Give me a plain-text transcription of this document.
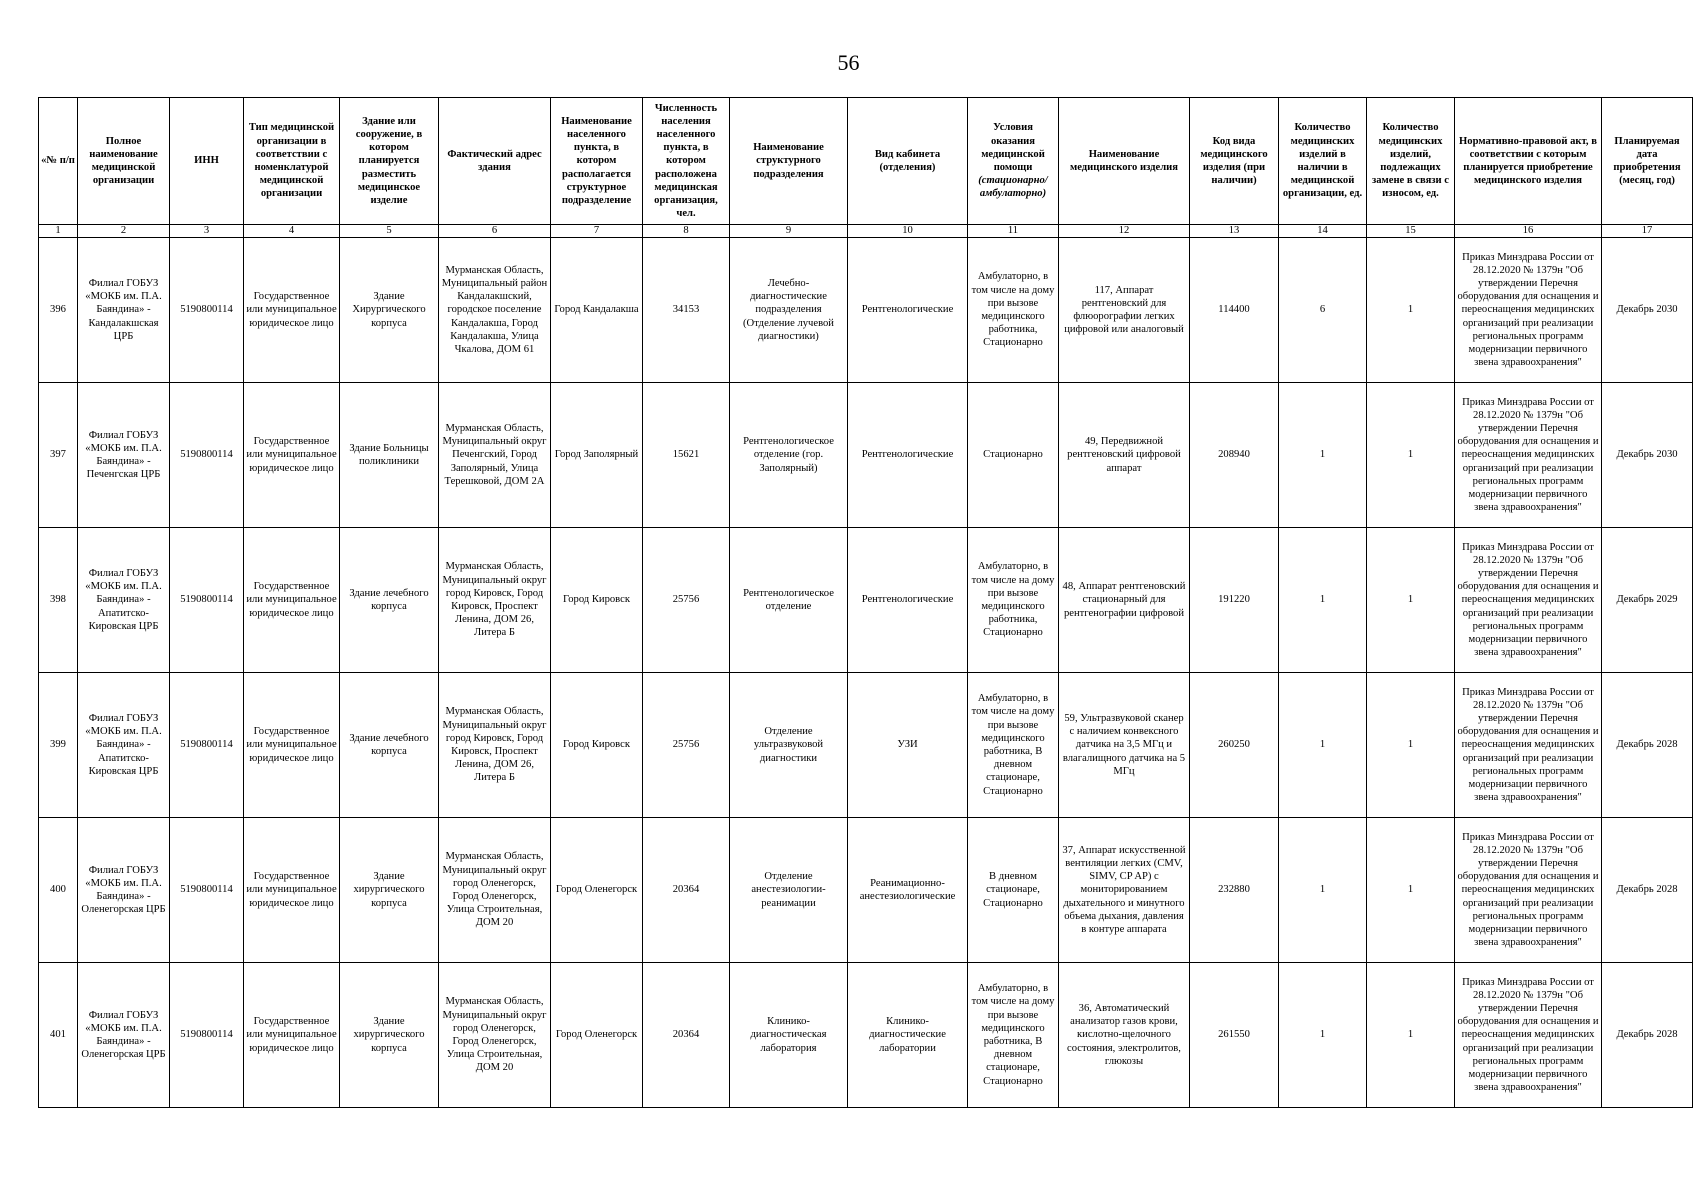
56
«№ п/п	Полное наименование медицинской организации	ИНН	Тип медицинской организации в соответствии с номенклатурой медицинской организации	Здание или сооружение, в котором планируется разместить медицинское изделие	Фактический адрес здания	Наименование населенного пункта, в котором располагается структурное подразделение	Численность населения населенного пункта, в котором расположена медицинская организация, чел.	Наименование структурного подразделения	Вид кабинета (отделения)	Условия оказания медицинской помощи (стационарно/ амбулаторно)	Наименование медицинского изделия	Код вида медицинского изделия (при наличии)	Количество медицинских изделий в наличии в медицинской организации, ед.	Количество медицинских изделий, подлежащих замене в связи с износом, ед.	Нормативно-правовой акт, в соответствии с которым планируется приобретение медицинского изделия	Планируемая дата приобретения (месяц, год)
1	2	3	4	5	6	7	8	9	10	11	12	13	14	15	16	17
396	Филиал ГОБУЗ «МОКБ им. П.А. Баяндина» - Кандалакшская ЦРБ	5190800114	Государственное или муниципальное юридическое лицо	Здание Хирургического корпуса	Мурманская Область, Муниципальный район Кандалакшский, городское поселение Кандалакша, Город Кандалакша, Улица Чкалова, ДОМ 61	Город Кандалакша	34153	Лечебно-диагностические подразделения (Отделение лучевой диагностики)	Рентгенологические	Амбулаторно, в том числе на дому при вызове медицинского работника, Стационарно	117, Аппарат рентгеновский для флюорографии легких цифровой или аналоговый	114400	6	1	Приказ Минздрава России от 28.12.2020 № 1379н "Об утверждении Перечня оборудования для оснащения и переоснащения медицинских организаций при реализации региональных программ модернизации первичного звена здравоохранения"	Декабрь 2030
397	Филиал ГОБУЗ «МОКБ им. П.А. Баяндина» - Печенгская ЦРБ	5190800114	Государственное или муниципальное юридическое лицо	Здание Больницы поликлиники	Мурманская Область, Муниципальный округ Печенгский, Город Заполярный, Улица Терешковой, ДОМ 2А	Город Заполярный	15621	Рентгенологическое отделение (гор. Заполярный)	Рентгенологические	Стационарно	49, Передвижной рентгеновский цифровой аппарат	208940	1	1	Приказ Минздрава России от 28.12.2020 № 1379н "Об утверждении Перечня оборудования для оснащения и переоснащения медицинских организаций при реализации региональных программ модернизации первичного звена здравоохранения"	Декабрь 2030
398	Филиал ГОБУЗ «МОКБ им. П.А. Баяндина» - Апатитско-Кировская ЦРБ	5190800114	Государственное или муниципальное юридическое лицо	Здание лечебного корпуса	Мурманская Область, Муниципальный округ город Кировск, Город Кировск, Проспект Ленина, ДОМ 26, Литера Б	Город Кировск	25756	Рентгенологическое отделение	Рентгенологические	Амбулаторно, в том числе на дому при вызове медицинского работника, Стационарно	48, Аппарат рентгеновский стационарный для рентгенографии цифровой	191220	1	1	Приказ Минздрава России от 28.12.2020 № 1379н "Об утверждении Перечня оборудования для оснащения и переоснащения медицинских организаций при реализации региональных программ модернизации первичного звена здравоохранения"	Декабрь 2029
399	Филиал ГОБУЗ «МОКБ им. П.А. Баяндина» - Апатитско-Кировская ЦРБ	5190800114	Государственное или муниципальное юридическое лицо	Здание лечебного корпуса	Мурманская Область, Муниципальный округ город Кировск, Город Кировск, Проспект Ленина, ДОМ 26, Литера Б	Город Кировск	25756	Отделение ультразвуковой диагностики	УЗИ	Амбулаторно, в том числе на дому при вызове медицинского работника, В дневном стационаре, Стационарно	59, Ультразвуковой сканер с наличием конвексного датчика на 3,5 МГц и влагалищного датчика на 5 МГц	260250	1	1	Приказ Минздрава России от 28.12.2020 № 1379н "Об утверждении Перечня оборудования для оснащения и переоснащения медицинских организаций при реализации региональных программ модернизации первичного звена здравоохранения"	Декабрь 2028
400	Филиал ГОБУЗ «МОКБ им. П.А. Баяндина» - Оленегорская ЦРБ	5190800114	Государственное или муниципальное юридическое лицо	Здание хирургического корпуса	Мурманская Область, Муниципальный округ город Оленегорск, Город Оленегорск, Улица Строительная, ДОМ 20	Город Оленегорск	20364	Отделение анестезиологии-реанимации	Реанимационно-анестезиологические	В дневном стационаре, Стационарно	37, Аппарат искусственной вентиляции легких (CMV, SIMV, CP AP) с мониторированием дыхательного и минутного объема дыхания, давления в контуре аппарата	232880	1	1	Приказ Минздрава России от 28.12.2020 № 1379н "Об утверждении Перечня оборудования для оснащения и переоснащения медицинских организаций при реализации региональных программ модернизации первичного звена здравоохранения"	Декабрь 2028
401	Филиал ГОБУЗ «МОКБ им. П.А. Баяндина» - Оленегорская ЦРБ	5190800114	Государственное или муниципальное юридическое лицо	Здание хирургического корпуса	Мурманская Область, Муниципальный округ город Оленегорск, Город Оленегорск, Улица Строительная, ДОМ 20	Город Оленегорск	20364	Клинико-диагностическая лаборатория	Клинико-диагностические лаборатории	Амбулаторно, в том числе на дому при вызове медицинского работника, В дневном стационаре, Стационарно	36, Автоматический анализатор газов крови, кислотно-щелочного состояния, электролитов, глюкозы	261550	1	1	Приказ Минздрава России от 28.12.2020 № 1379н "Об утверждении Перечня оборудования для оснащения и переоснащения медицинских организаций при реализации региональных программ модернизации первичного звена здравоохранения"	Декабрь 2028
